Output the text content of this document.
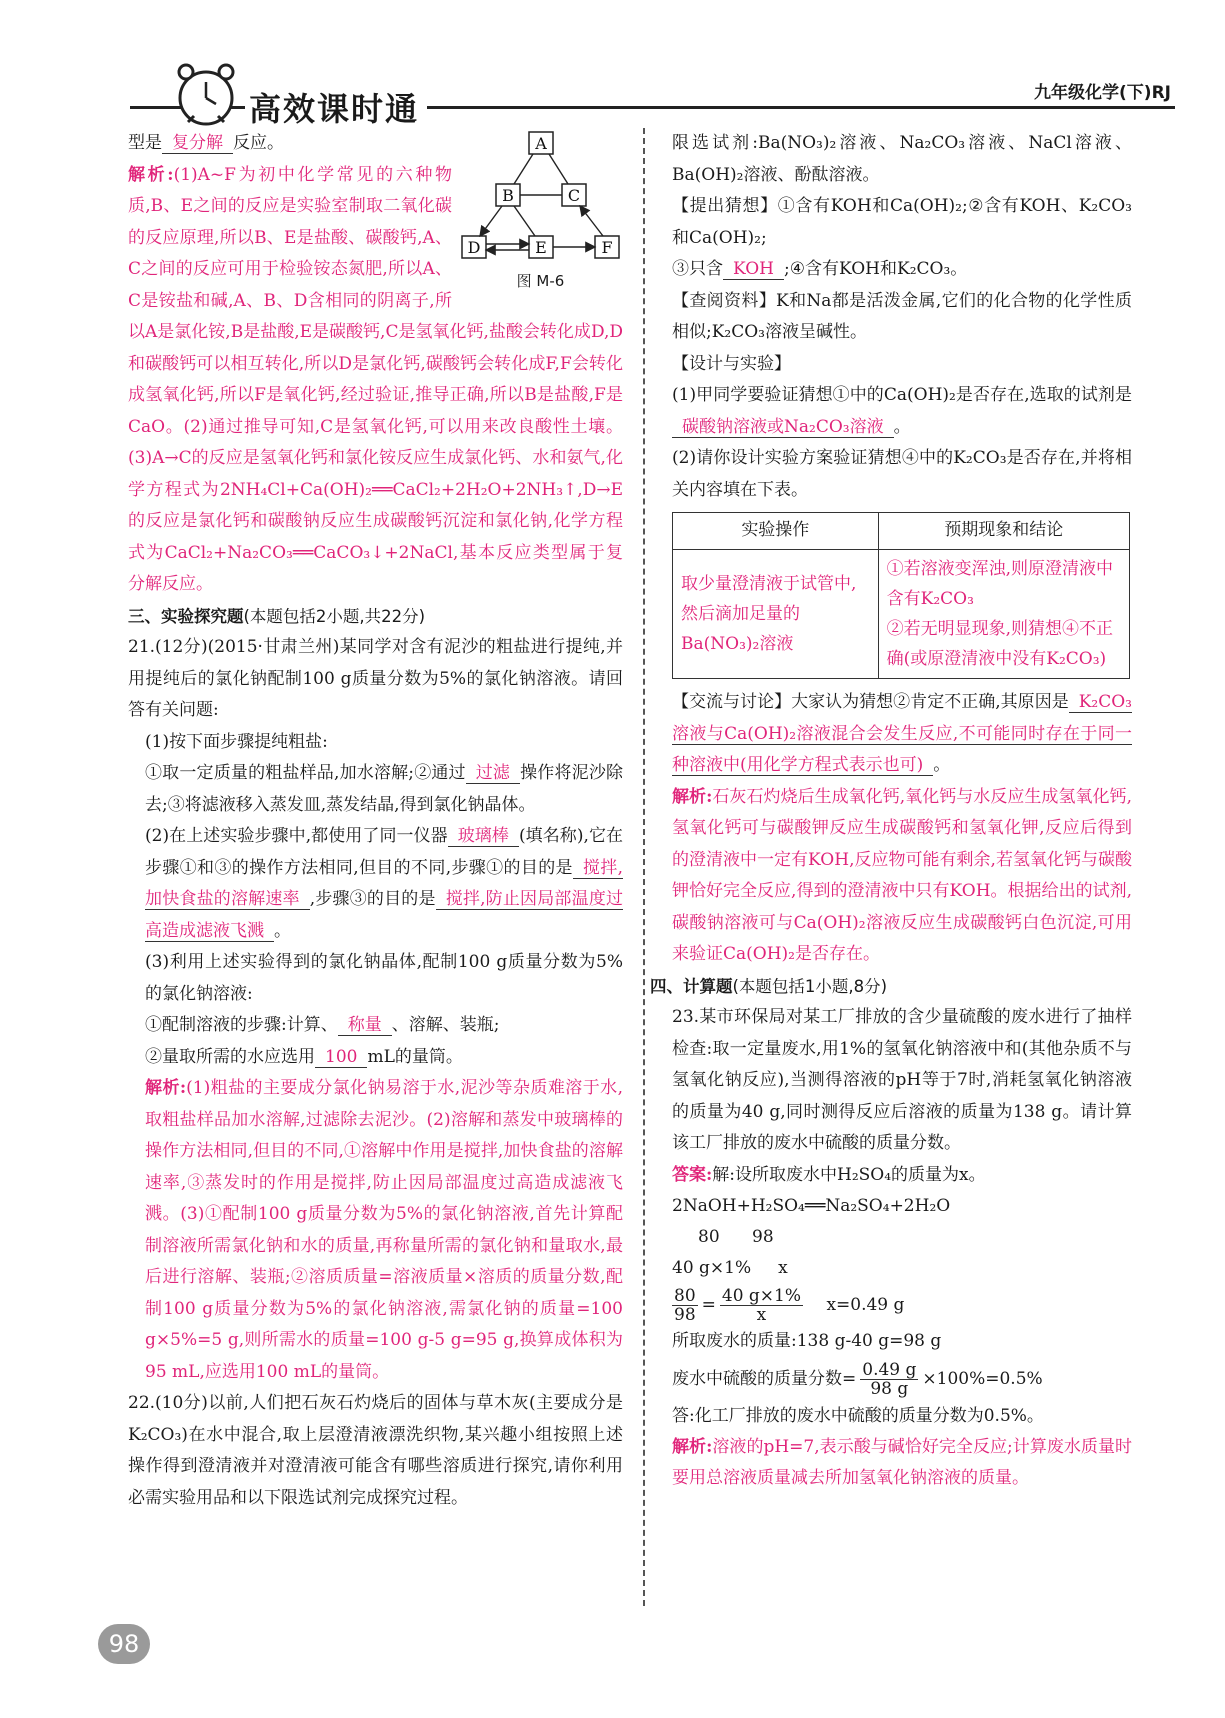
高效课时通	九年级化学(下)RJ
A
B	C
D	E	F
图 M-6

型是 复分解 反应。

解析:(1)A~F为初中化学常见的六种物质,B、E之间的反应是实验室制取二氧化碳的反应原理,所以B、E是盐酸、碳酸钙,A、C之间的反应可用于检验铵态氮肥,所以A、C是铵盐和碱,A、B、D含相同的阴离子,所以A是氯化铵,B是盐酸,E是碳酸钙,C是氢氧化钙,盐酸会转化成D,D和碳酸钙可以相互转化,所以D是氯化钙,碳酸钙会转化成F,F会转化成氢氧化钙,所以F是氧化钙,经过验证,推导正确,所以B是盐酸,F是CaO。(2)通过推导可知,C是氢氧化钙,可以用来改良酸性土壤。(3)A→C的反应是氢氧化钙和氯化铵反应生成氯化钙、水和氨气,化学方程式为2NH₄Cl+Ca(OH)₂══CaCl₂+2H₂O+2NH₃↑,D→E的反应是氯化钙和碳酸钠反应生成碳酸钙沉淀和氯化钠,化学方程式为CaCl₂+Na₂CO₃══CaCO₃↓+2NaCl,基本反应类型属于复分解反应。

三、实验探究题(本题包括2小题,共22分)

21.(12分)(2015·甘肃兰州)某同学对含有泥沙的粗盐进行提纯,并用提纯后的氯化钠配制100 g质量分数为5%的氯化钠溶液。请回答有关问题:

(1)按下面步骤提纯粗盐:

①取一定质量的粗盐样品,加水溶解;②通过 过滤 操作将泥沙除去;③将滤液移入蒸发皿,蒸发结晶,得到氯化钠晶体。

(2)在上述实验步骤中,都使用了同一仪器 玻璃棒 (填名称),它在步骤①和③的操作方法相同,但目的不同,步骤①的目的是 搅拌,加快食盐的溶解速率 ,步骤③的目的是 搅拌,防止因局部温度过高造成滤液飞溅 。

(3)利用上述实验得到的氯化钠晶体,配制100 g质量分数为5%的氯化钠溶液:

①配制溶液的步骤:计算、 称量 、溶解、装瓶;

②量取所需的水应选用 100 mL的量筒。

解析:(1)粗盐的主要成分氯化钠易溶于水,泥沙等杂质难溶于水,取粗盐样品加水溶解,过滤除去泥沙。(2)溶解和蒸发中玻璃棒的操作方法相同,但目的不同,①溶解中作用是搅拌,加快食盐的溶解速率,③蒸发时的作用是搅拌,防止因局部温度过高造成滤液飞溅。(3)①配制100 g质量分数为5%的氯化钠溶液,首先计算配制溶液所需氯化钠和水的质量,再称量所需的氯化钠和量取水,最后进行溶解、装瓶;②溶质质量=溶液质量×溶质的质量分数,配制100 g质量分数为5%的氯化钠溶液,需氯化钠的质量=100 g×5%=5 g,则所需水的质量=100 g-5 g=95 g,换算成体积为95 mL,应选用100 mL的量筒。

22.(10分)以前,人们把石灰石灼烧后的固体与草木灰(主要成分是K₂CO₃)在水中混合,取上层澄清液漂洗织物,某兴趣小组按照上述操作得到澄清液并对澄清液可能含有哪些溶质进行探究,请你利用必需实验用品和以下限选试剂完成探究过程。

限选试剂:Ba(NO₃)₂溶液、Na₂CO₃溶液、NaCl溶液、Ba(OH)₂溶液、酚酞溶液。

【提出猜想】①含有KOH和Ca(OH)₂;②含有KOH、K₂CO₃和Ca(OH)₂;

③只含 KOH ;④含有KOH和K₂CO₃。

【查阅资料】K和Na都是活泼金属,它们的化合物的化学性质相似;K₂CO₃溶液呈碱性。

【设计与实验】

(1)甲同学要验证猜想①中的Ca(OH)₂是否存在,选取的试剂是碳酸钠溶液或Na₂CO₃溶液 。

(2)请你设计实验方案验证猜想④中的K₂CO₃是否存在,并将相关内容填在下表。

实验操作	预期现象和结论
取少量澄清液于试管中,然后滴加足量的Ba(NO₃)₂溶液	①若溶液变浑浊,则原澄清液中含有K₂CO₃
②若无明显现象,则猜想④不正确(或原澄清液中没有K₂CO₃)

【交流与讨论】大家认为猜想②肯定不正确,其原因是 K₂CO₃溶液与Ca(OH)₂溶液混合会发生反应,不可能同时存在于同一种溶液中(用化学方程式表示也可) 。

解析:石灰石灼烧后生成氧化钙,氧化钙与水反应生成氢氧化钙,氢氧化钙可与碳酸钾反应生成碳酸钙和氢氧化钾,反应后得到的澄清液中一定有KOH,反应物可能有剩余,若氢氧化钙与碳酸钾恰好完全反应,得到的澄清液中只有KOH。根据给出的试剂,碳酸钠溶液可与Ca(OH)₂溶液反应生成碳酸钙白色沉淀,可用来验证Ca(OH)₂是否存在。

四、计算题(本题包括1小题,8分)

23.某市环保局对某工厂排放的含少量硫酸的废水进行了抽样检查:取一定量废水,用1%的氢氧化钠溶液中和(其他杂质不与氢氧化钠反应),当测得溶液的pH等于7时,消耗氢氧化钠溶液的质量为40 g,同时测得反应后溶液的质量为138 g。请计算该工厂排放的废水中硫酸的质量分数。

答案:解:设所取废水中H₂SO₄的质量为x。

2NaOH+H₂SO₄══Na₂SO₄+2H₂O

80      98

40 g×1%     x

$\frac{80}{98} = \frac{40 g\times 1\%}{x} x=0.49$ g

所取废水的质量:138 g-40 g=98 g

废水中硫酸的质量分数= $\frac{0.49 g}{98 g} \times 100\%=0.5\%$

答:化工厂排放的废水中硫酸的质量分数为0.5%。

解析:溶液的pH=7,表示酸与碱恰好完全反应;计算废水质量时要用总溶液质量减去所加氢氧化钠溶液的质量。

98
